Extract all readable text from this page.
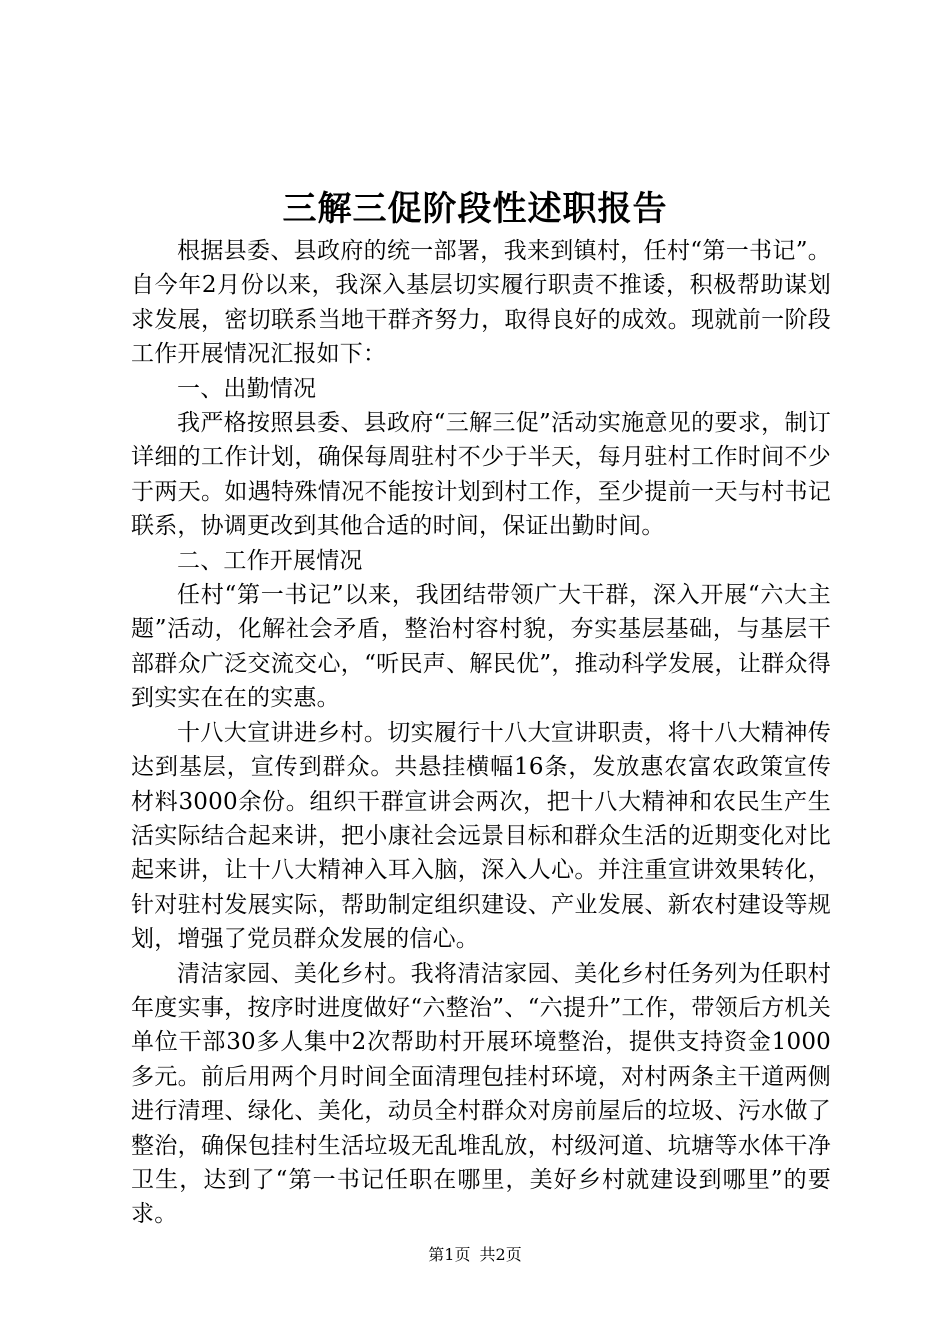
三解三促阶段性述职报告

根据县委、县政府的统一部署，我来到镇村，任村“第一书记”。自今年2月份以来，我深入基层切实履行职责不推诿，积极帮助谋划求发展，密切联系当地干群齐努力，取得良好的成效。现就前一阶段工作开展情况汇报如下：

一、出勤情况

我严格按照县委、县政府“三解三促”活动实施意见的要求，制订详细的工作计划，确保每周驻村不少于半天，每月驻村工作时间不少于两天。如遇特殊情况不能按计划到村工作，至少提前一天与村书记联系，协调更改到其他合适的时间，保证出勤时间。

二、工作开展情况

任村“第一书记”以来，我团结带领广大干群，深入开展“六大主题”活动，化解社会矛盾，整治村容村貌，夯实基层基础，与基层干部群众广泛交流交心，“听民声、解民优”，推动科学发展，让群众得到实实在在的实惠。

十八大宣讲进乡村。切实履行十八大宣讲职责，将十八大精神传达到基层，宣传到群众。共悬挂横幅16条，发放惠农富农政策宣传材料3000余份。组织干群宣讲会两次，把十八大精神和农民生产生活实际结合起来讲，把小康社会远景目标和群众生活的近期变化对比起来讲，让十八大精神入耳入脑，深入人心。并注重宣讲效果转化，针对驻村发展实际，帮助制定组织建设、产业发展、新农村建设等规划，增强了党员群众发展的信心。

清洁家园、美化乡村。我将清洁家园、美化乡村任务列为任职村年度实事，按序时进度做好“六整治”、“六提升”工作，带领后方机关单位干部30多人集中2次帮助村开展环境整治，提供支持资金1000多元。前后用两个月时间全面清理包挂村环境，对村两条主干道两侧进行清理、绿化、美化，动员全村群众对房前屋后的垃圾、污水做了整治，确保包挂村生活垃圾无乱堆乱放，村级河道、坑塘等水体干净卫生，达到了“第一书记任职在哪里，美好乡村就建设到哪里”的要求。

第1页 共2页
